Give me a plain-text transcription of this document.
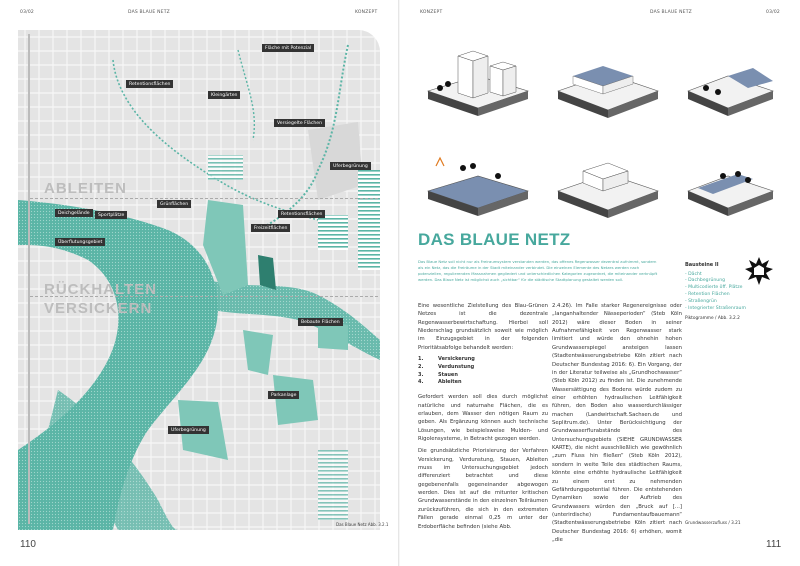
03/02	DAS BLAUE NETZ	KONZEPT
ABLEITEN
RÜCKHALTEN
VERSICKERN
Fläche mit Potenzial
Retentionsflächen
Kleingärten
Versiegelte Flächen
Uferbegrünung
Grünflächen
Deichgelände	Sportplätze	Retentionsflächen
Freizeitflächen
Überflutungsgebiet
Bebaute Flächen
Parkanlage
Uferbegrünung
Das Blaue Netz Abb. 3.2.1
110
KONZEPT	DAS BLAUE NETZ	03/02
111
DAS BLAUE NETZ
Das Blaue Netz soll nicht nur als Freiraumsystem verstanden werden, das offenes Regenwasser dezentral aufnimmt, sondern als ein Netz, das die Freiräume in der Stadt miteinander verbindet. Die einzelnen Elemente des Netzes werden nach potenziellen, regulierenden Massnahmen gegliedert und unterschiedlichen Kategorien zugeordnet, die miteinander verknüpft werden. Das Blaue Netz ist möglichst auch „sichtbar“ für die städtische Stadtplanung gestaltet werden soll.

Eine wesentliche Zielstellung des Blau-Grünen Netzes ist die dezentrale Regenwasserbewirtschaftung. Hierbei soll Niederschlag grundsätzlich soweit wie möglich im Einzugsgebiet in der folgenden Prioritätsabfolge behandelt werden:

1.	Versickerung
2.	Verdunstung
3.	Stauen
4.	Ableiten

Gefordert werden soll dies durch möglichst natürliche und naturnahe Flächen, die es erlauben, dem Wasser den nötigen Raum zu geben. Als Ergänzung können auch technische Lösungen, wie beispielsweise Mulden- und Rigolensysteme, in Betracht gezogen werden.

Die grundsätzliche Priorisierung der Verfahren Versickerung, Verdunstung, Stauen, Ableiten muss im Untersuchungsgebiet jedoch differenziert betrachtet und diese gegebenenfalls gegeneinander abgewogen werden. Dies ist auf die mitunter kritischen Grundwasserstände in den einzelnen Teilräumen zurückzuführen, die sich in den extremsten Fällen gerade einmal 0,25 m unter der Erdoberfläche befinden (siehe Abb.

2.4.26). Im Falle starker Regenereignisse oder „langanhaltender Nässeperioden“ (Steb Köln 2012) wäre dieser Boden in seiner Aufnahmefähigkeit von Regenwasser stark limitiert und würde den ohnehin hohen Grundwasserspiegel ansteigen lassen (Stadtentwässerungsbetriebe Köln zitiert nach Deutscher Bundestag 2016: 6). Ein Vorgang, der in der Literatur teilweise als „Grundhochwasser“ (Steb Köln 2012) zu finden ist. Die zunehmende Wassersättigung des Bodens würde zudem zu einer erhöhten hydraulischen Leitfähigkeit führen, den Boden also wasserdurchlässiger machen (Landwirtschaft.Sachsen.de und Seplitrum.de). Unter Berücksichtigung der Grundwasserflurabstände des Untersuchungsgebiets (SIEHE GRUNDWASSER KARTE), die nicht ausschließlich wie gewöhnlich „zum Fluss hin fließen“ (Steb Köln 2012), sondern in weite Teile des städtischen Raums, könnte eine erhöhte hydraulische Leitfähigkeit zu einem erst zu nehmenden Gefährdungspotential führen. Die entstehenden Dynamiken sowie der Auftrieb des Grundwassers würden den „Bruck auf [...] (unterirdische) Fundamentaufbauemann“ (Stadtentwässerungsbetriebe Köln zitiert nach Deutscher Bundestag 2016: 6) erhöhen, womit „die

Bausteine II
- Dächt
- Dachbegrünung
- Multicodierte öff. Plätze
- Retention Flächen
- Straßengrün
- Integrierter Straßenraum
Piktogramme / Abb. 3.2.2
Grundwasserzufluss / 3.21
